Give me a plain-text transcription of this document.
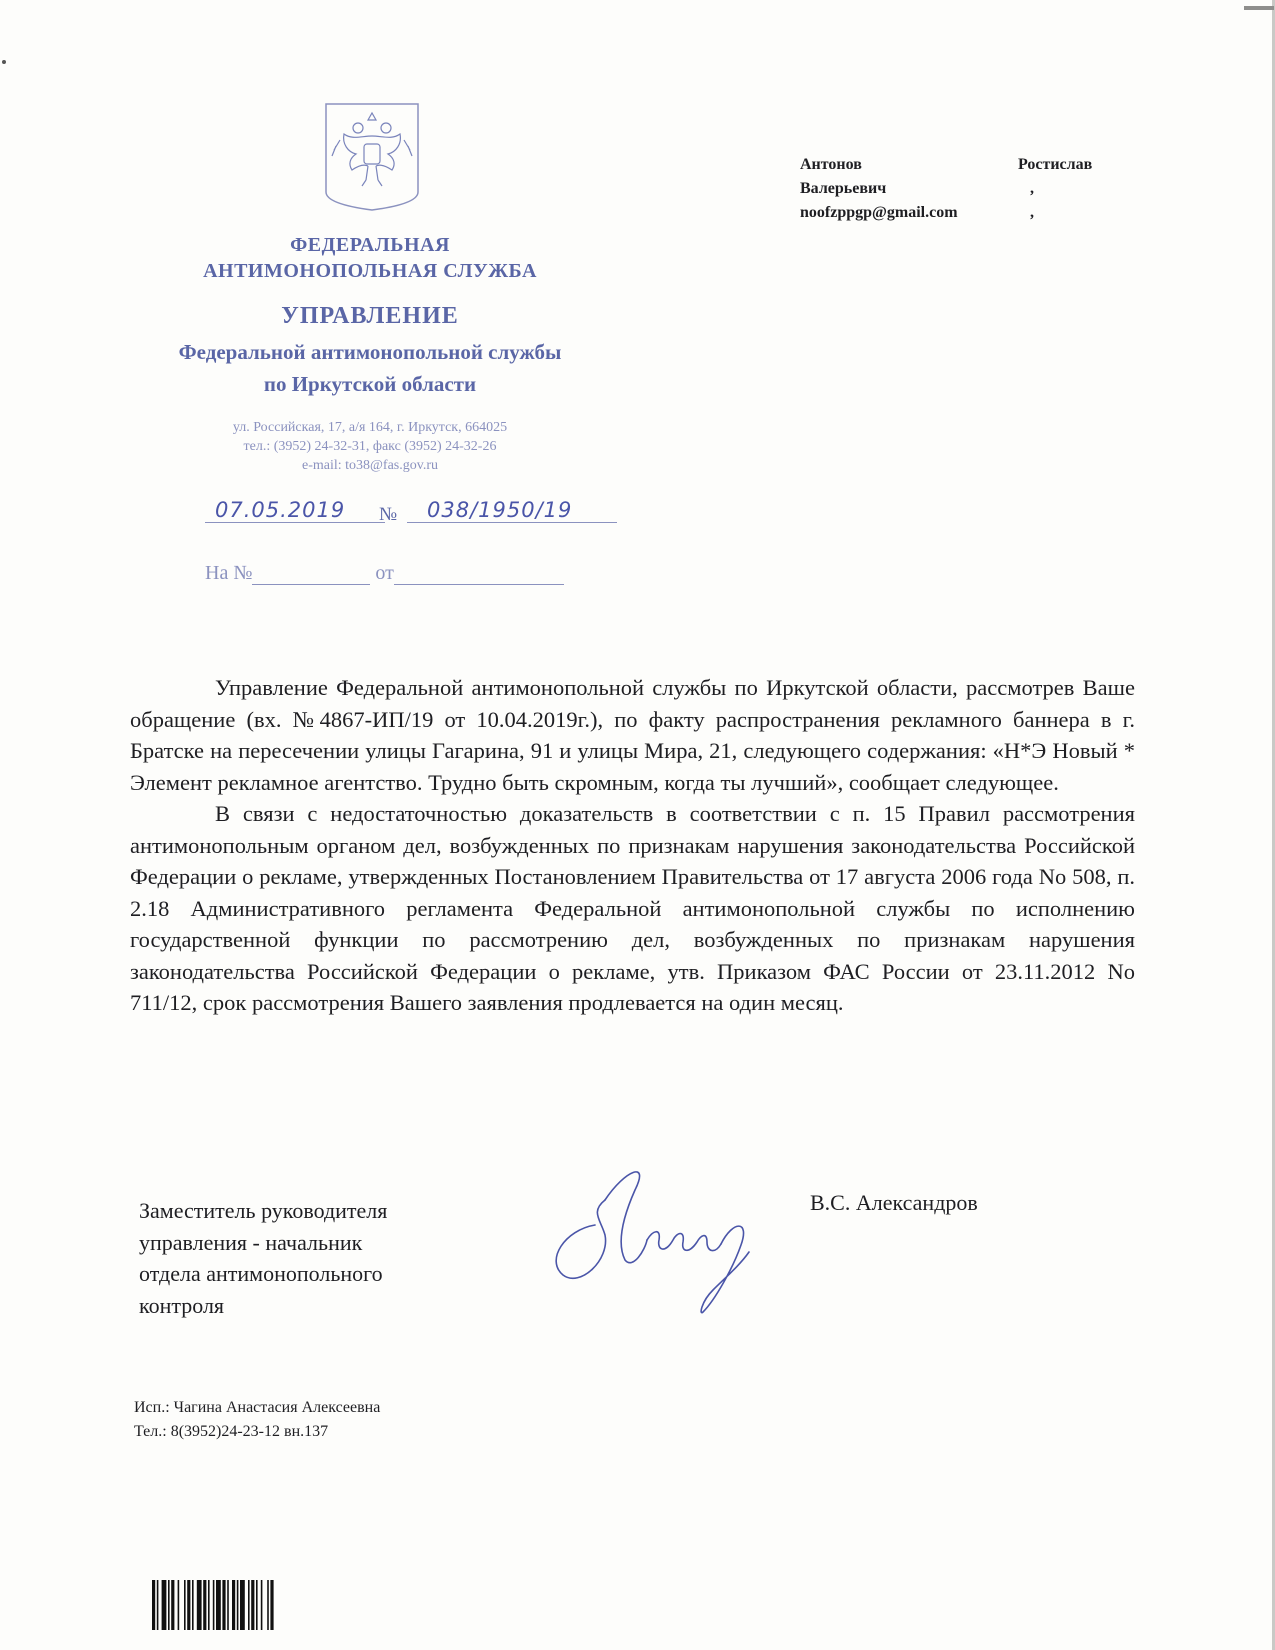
ФЕДЕРАЛЬНАЯ
АНТИМОНОПОЛЬНАЯ СЛУЖБА
УПРАВЛЕНИЕ
Федеральной антимонопольной службы
по Иркутской области
ул. Российская, 17, а/я 164, г. Иркутск, 664025
тел.: (3952) 24-32-31, факс (3952) 24-32-26
e-mail: to38@fas.gov.ru
07.05.2019	№	038/1950/19
На №	от
Антонов	Ростислав
Валерьевич	, ,
noofzppgp@gmail.com

Управление Федеральной антимонопольной службы по Иркутской области, рассмотрев Ваше обращение (вх. №4867-ИП/19 от 10.04.2019г.), по факту распространения рекламного баннера в г. Братске на пересечении улицы Гагарина, 91 и улицы Мира, 21, следующего содержания: «Н*Э Новый * Элемент рекламное агентство. Трудно быть скромным, когда ты лучший», сообщает следующее.

В связи с недостаточностью доказательств в соответствии с п. 15 Правил рассмотрения антимонопольным органом дел, возбужденных по признакам нарушения законодательства Российской Федерации о рекламе, утвержденных Постановлением Правительства от 17 августа 2006 года No 508, п. 2.18 Административного регламента Федеральной антимонопольной службы по исполнению государственной функции по рассмотрению дел, возбужденных по признакам нарушения законодательства Российской Федерации о рекламе, утв. Приказом ФАС России от 23.11.2012 No 711/12, срок рассмотрения Вашего заявления продлевается на один месяц.

Заместитель руководителя
управления - начальник
отдела антимонопольного
контроля
В.С. Александров
Исп.: Чагина Анастасия Алексеевна
Тел.: 8(3952)24-23-12 вн.137
